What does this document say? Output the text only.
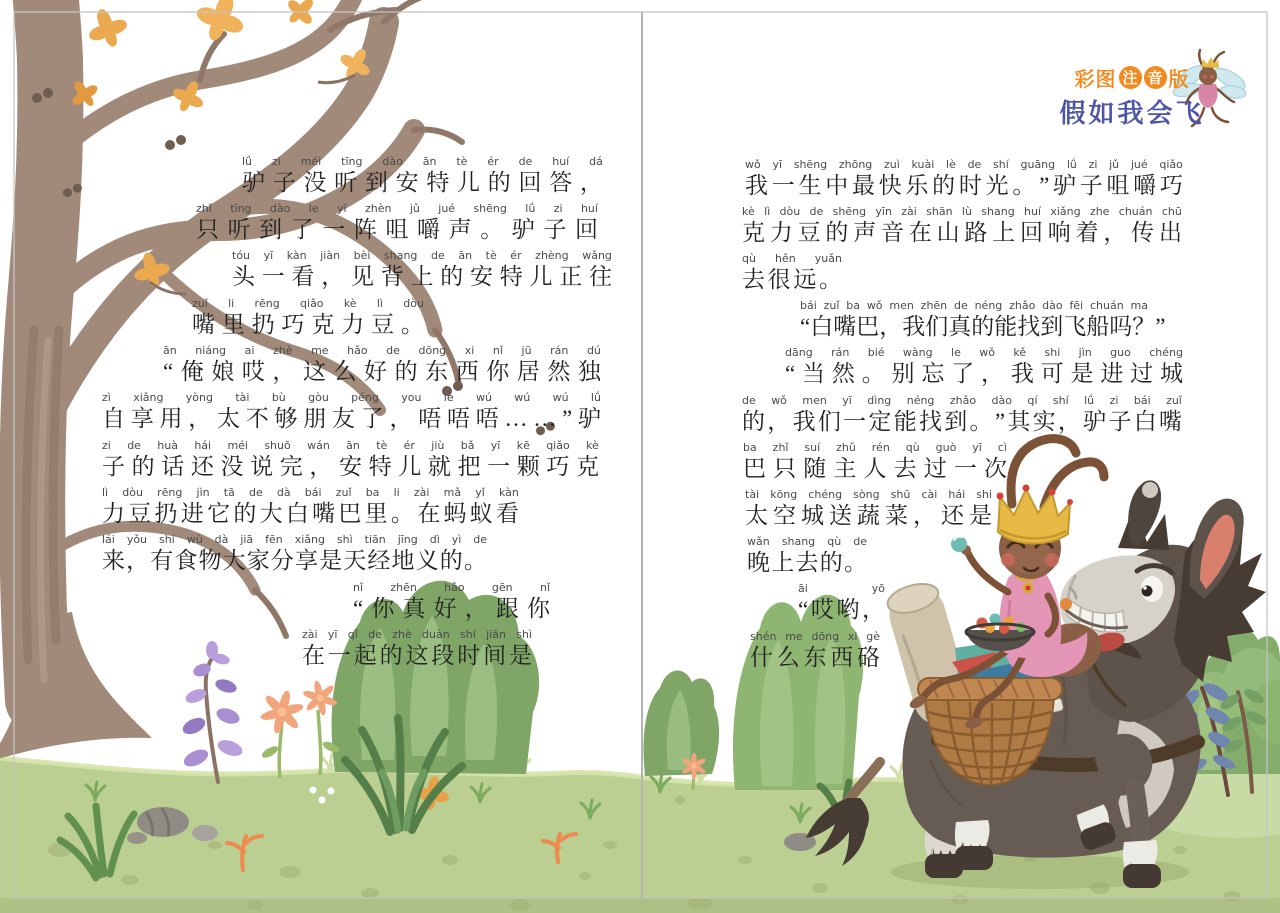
彩图 注 音 版
假如我会飞
lǘ zi méi tīng dào ān tè ér de huí dá
驴 子 没 听 到 安 特 儿 的 回 答 ，
zhǐ tīng dào le yī zhèn jǔ jué shēng lǘ zi huí
只 听 到 了 一 阵 咀 嚼 声 。 驴 子 回
tóu yī kàn jiàn bèi shang de ān tè ér zhèng wǎng
头 一 看 ， 见 背 上 的 安 特 儿 正 往
zuǐ li rēng qiǎo kè lì dòu
嘴 里 扔 巧 克 力 豆 。
ān niáng ai zhè me hǎo de dōng xi nǐ jū rán dú
“ 俺 娘 哎 ， 这 么 好 的 东 西 你 居 然 独
zì xiǎng yòng tài bù gòu péng you le wú wú wú lǘ
自 享 用 ， 太 不 够 朋 友 了 ， 唔 唔 唔 … … ” 驴
zi de huà hái méi shuō wán ān tè ér jiù bǎ yī kē qiǎo kè
子 的 话 还 没 说 完 ， 安 特 儿 就 把 一 颗 巧 克
lì dòu rēng jìn tā de dà bái zuǐ ba li zài mǎ yǐ kàn
力 豆 扔 进 它 的 大 白 嘴 巴 里 。 在 蚂 蚁 看
lái yǒu shí wù dà jiā fēn xiǎng shì tiān jīng dì yì de
来 ， 有 食 物 大 家 分 享 是 天 经 地 义 的 。
nǐ zhēn hǎo gēn nǐ
“ 你 真 好 ， 跟 你
zài yī qǐ de zhè duàn shí jiān shì
在 一 起 的 这 段 时 间 是
wǒ yī shēng zhōng zuì kuài lè de shí guāng lǘ zi jǔ jué qiǎo
我 一 生 中 最 快 乐 的 时 光 。 ” 驴 子 咀 嚼 巧
kè lì dòu de shēng yīn zài shān lù shang huí xiǎng zhe chuán chū
克 力 豆 的 声 音 在 山 路 上 回 响 着 ， 传 出
qù hěn yuǎn
去 很 远 。
bái zuǐ ba wǒ men zhēn de néng zhǎo dào fēi chuán ma
“ 白 嘴 巴 ， 我 们 真 的 能 找 到 飞 船 吗 ？ ”
dāng rán bié wàng le wǒ kě shi jìn guo chéng
“ 当 然 。 别 忘 了 ， 我 可 是 进 过 城
de wǒ men yī dìng néng zhǎo dào qí shí lǘ zi bái zuǐ
的 ， 我 们 一 定 能 找 到 。 ” 其 实 ， 驴 子 白 嘴
ba zhǐ suí zhǔ rén qù guò yī cì
巴 只 随 主 人 去 过 一 次
tài kōng chéng sòng shū cài hái shi
太 空 城 送 蔬 菜 ， 还 是
wǎn shang qù de
晚 上 去 的 。
āi	yō
“ 哎 哟 ，
shén me dōng xi gè
什 么 东 西 硌
